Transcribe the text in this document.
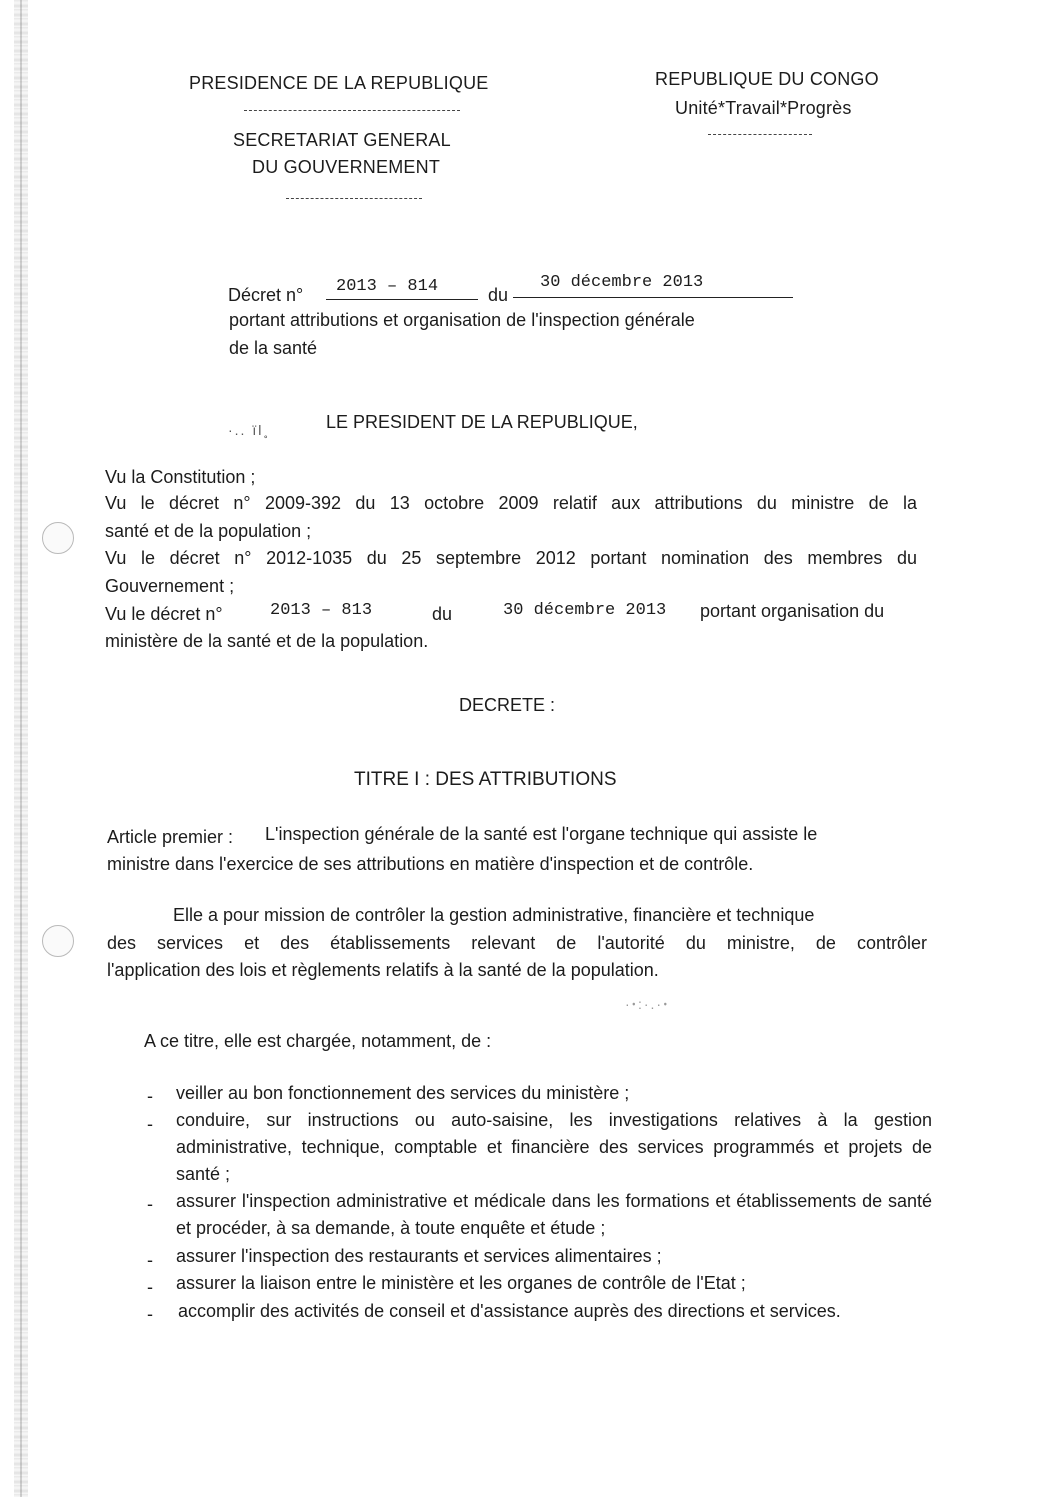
PRESIDENCE DE LA REPUBLIQUE
SECRETARIAT GENERAL
DU GOUVERNEMENT
REPUBLIQUE DU CONGO
Unité*Travail*Progrès
Décret n° 2013 – 814	du
30 décembre 2013
portant attributions et organisation de l'inspection générale
de la santé
·.. ïl˳	LE PRESIDENT DE LA REPUBLIQUE,
Vu la Constitution ;
Vu le décret n° 2009-392 du 13 octobre 2009 relatif aux attributions du ministre de la
santé et de la population ;
Vu le décret n° 2012-1035 du 25 septembre 2012 portant nomination des membres du
Gouvernement ;
Vu le décret n°	2013 – 813	du	30 décembre 2013 portant organisation du
ministère de la santé et de la population.
DECRETE :
TITRE I : DES ATTRIBUTIONS
Article premier : L'inspection générale de la santé est l'organe technique qui assiste le
ministre dans l'exercice de ses attributions en matière d'inspection et de contrôle.
Elle a pour mission de contrôler la gestion administrative, financière et technique
des services et des établissements relevant de l'autorité du ministre, de contrôler
l'application des lois et règlements relatifs à la santé de la population.
·ꞏ:·.·ꞏ
A ce titre, elle est chargée, notamment, de :
- veiller au bon fonctionnement des services du ministère ;
- conduire, sur instructions ou auto-saisine, les investigations relatives à la gestion administrative, technique, comptable et financière des services programmés et projets de santé ;
- assurer l'inspection administrative et médicale dans les formations et établissements de santé et procéder, à sa demande, à toute enquête et étude ;
- assurer l'inspection des restaurants et services alimentaires ;
- assurer la liaison entre le ministère et les organes de contrôle de l'Etat ;
- accomplir des activités de conseil et d'assistance auprès des directions et services.
